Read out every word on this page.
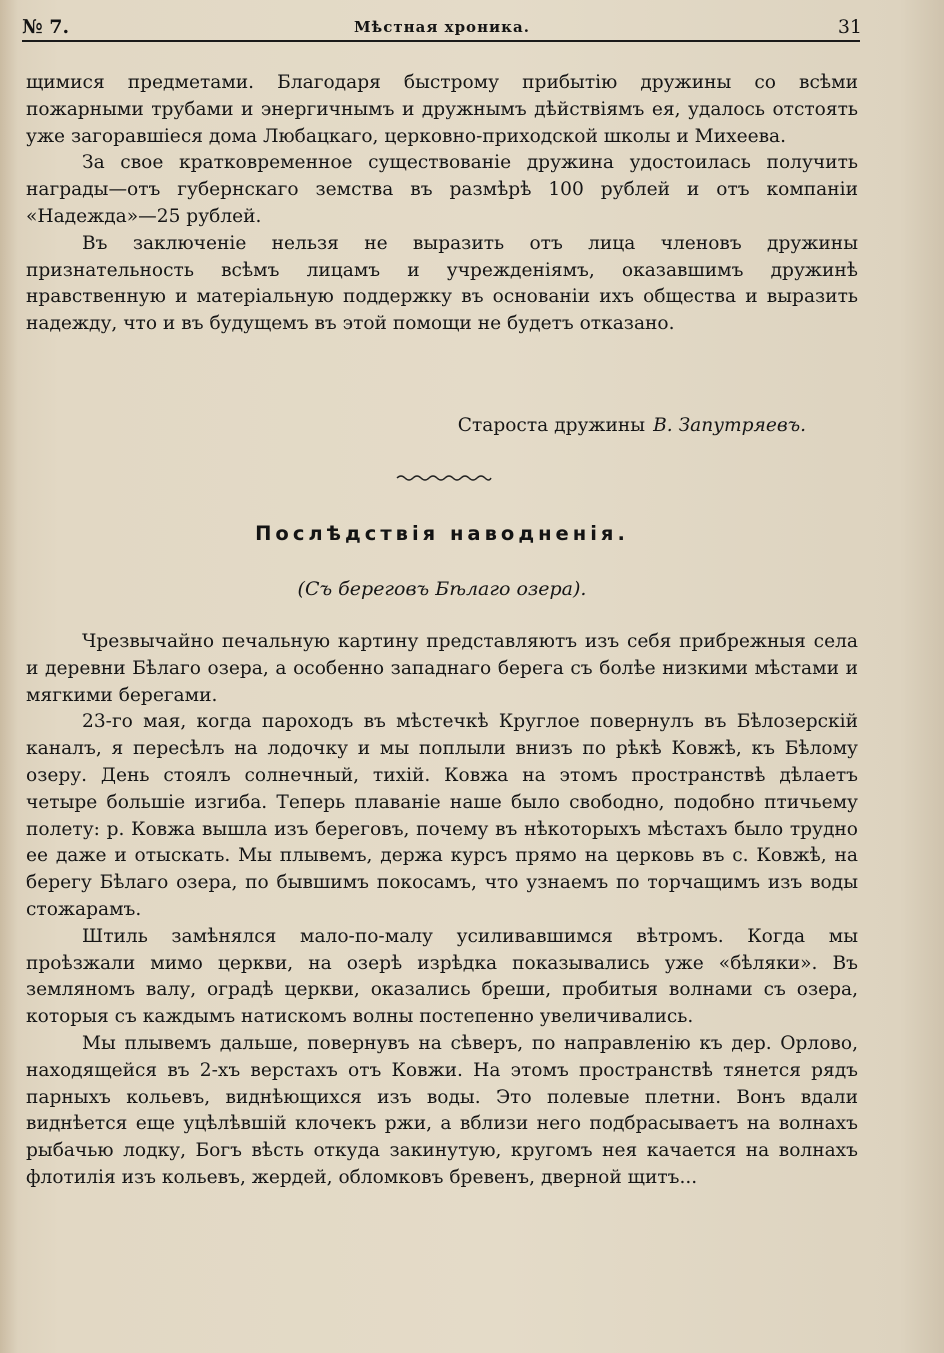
№ 7.	Мѣстная хроника.	31

щимися предметами. Благодаря быстрому прибытію дружины со всѣми пожарными трубами и энергичнымъ и дружнымъ дѣйствіямъ ея, удалось отстоять уже загоравшіеся дома Любацкаго, церковно-приходской школы и Михеева.

За свое кратковременное существованіе дружина удостоилась получить награды—отъ губернскаго земства въ размѣрѣ 100 рублей и отъ компаніи «Надежда»—25 рублей.

Въ заключеніе нельзя не выразить отъ лица членовъ дружины признательность всѣмъ лицамъ и учрежденіямъ, оказавшимъ дружинѣ нравственную и матеріальную поддержку въ основаніи ихъ общества и выразить надежду, что и въ будущемъ въ этой помощи не будетъ отказано.

Староста дружины В. Запутряевъ.
Послѣдствія наводненія.
(Съ береговъ Бѣлаго озера).

Чрезвычайно печальную картину представляютъ изъ себя прибрежныя села и деревни Бѣлаго озера, а особенно западнаго берега съ болѣе низкими мѣстами и мягкими берегами.

23-го мая, когда пароходъ въ мѣстечкѣ Круглое повернулъ въ Бѣлозерскій каналъ, я пересѣлъ на лодочку и мы поплыли внизъ по рѣкѣ Ковжѣ, къ Бѣлому озеру. День стоялъ солнечный, тихій. Ковжа на этомъ пространствѣ дѣлаетъ четыре большіе изгиба. Теперь плаваніе наше было свободно, подобно птичьему полету: р. Ковжа вышла изъ береговъ, почему въ нѣкоторыхъ мѣстахъ было трудно ее даже и отыскать. Мы плывемъ, держа курсъ прямо на церковь въ с. Ковжѣ, на берегу Бѣлаго озера, по бывшимъ покосамъ, что узнаемъ по торчащимъ изъ воды стожарамъ.

Штиль замѣнялся мало-по-малу усиливавшимся вѣтромъ. Когда мы проѣзжали мимо церкви, на озерѣ изрѣдка показывались уже «бѣляки». Въ земляномъ валу, оградѣ церкви, оказались бреши, пробитыя волнами съ озера, которыя съ каждымъ натискомъ волны постепенно увеличивались.

Мы плывемъ дальше, повернувъ на сѣверъ, по направленію къ дер. Орлово, находящейся въ 2-хъ верстахъ отъ Ковжи. На этомъ пространствѣ тянется рядъ парныхъ кольевъ, виднѣющихся изъ воды. Это полевые плетни. Вонъ вдали виднѣется еще уцѣлѣвшій клочекъ ржи, а вблизи него подбрасываетъ на волнахъ рыбачью лодку, Богъ вѣсть откуда закинутую, кругомъ нея качается на волнахъ флотилія изъ кольевъ, жердей, обломковъ бревенъ, дверной щитъ...
